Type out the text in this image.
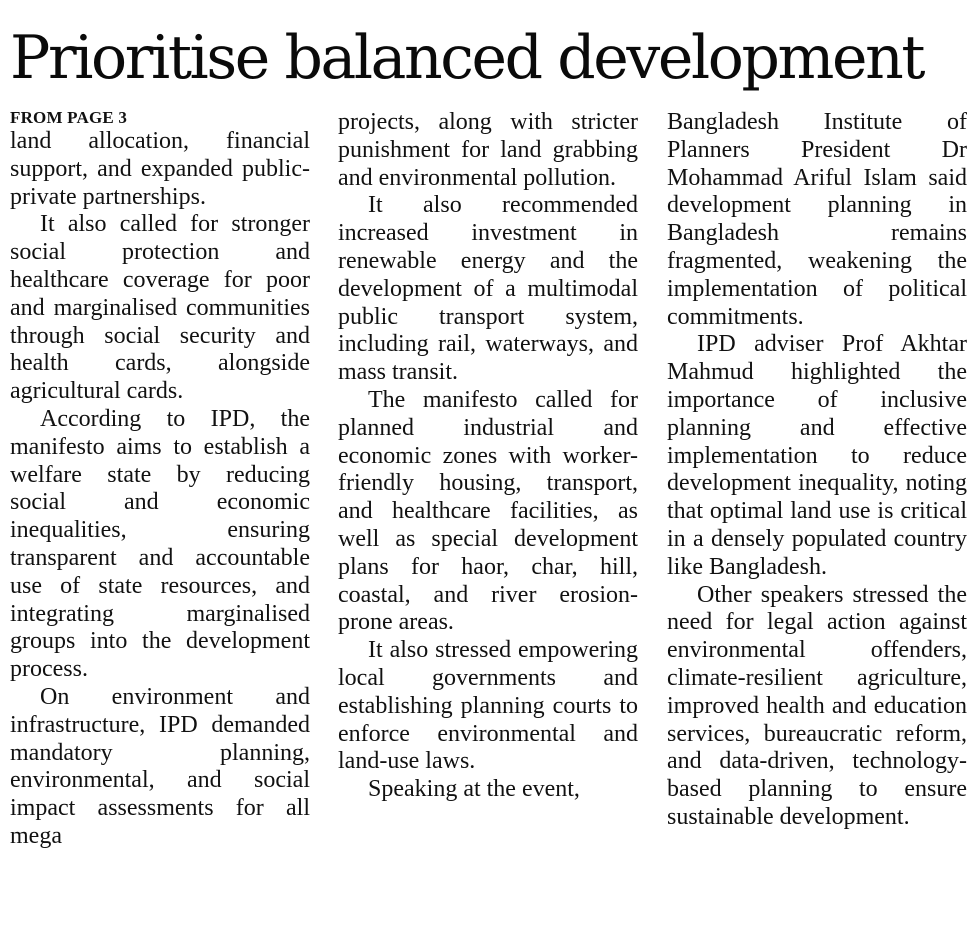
Prioritise balanced development
FROM PAGE 3

land allocation, financial support, and expanded public-private partnerships.

It also called for stronger social protection and healthcare coverage for poor and marginalised communities through social security and health cards, alongside agricultural cards.

According to IPD, the manifesto aims to establish a welfare state by reducing social and economic inequalities, ensuring transparent and accountable use of state resources, and integrating marginalised groups into the development process.

On environment and infrastructure, IPD demanded mandatory planning, environmental, and social impact assessments for all mega

projects, along with stricter punishment for land grabbing and environmental pollution.

It also recommended increased investment in renewable energy and the development of a multimodal public transport system, including rail, waterways, and mass transit.

The manifesto called for planned industrial and economic zones with worker-friendly housing, transport, and healthcare facilities, as well as special development plans for haor, char, hill, coastal, and river erosion-prone areas.

It also stressed empowering local governments and establishing planning courts to enforce environmental and land-use laws.

Speaking at the event,

Bangladesh Institute of Planners President Dr Mohammad Ariful Islam said development planning in Bangladesh remains fragmented, weakening the implementation of political commitments.

IPD adviser Prof Akhtar Mahmud highlighted the importance of inclusive planning and effective implementation to reduce development inequality, noting that optimal land use is critical in a densely populated country like Bangladesh.

Other speakers stressed the need for legal action against environmental offenders, climate-resilient agriculture, improved health and education services, bureaucratic reform, and data-driven, technology-based planning to ensure sustainable development.
